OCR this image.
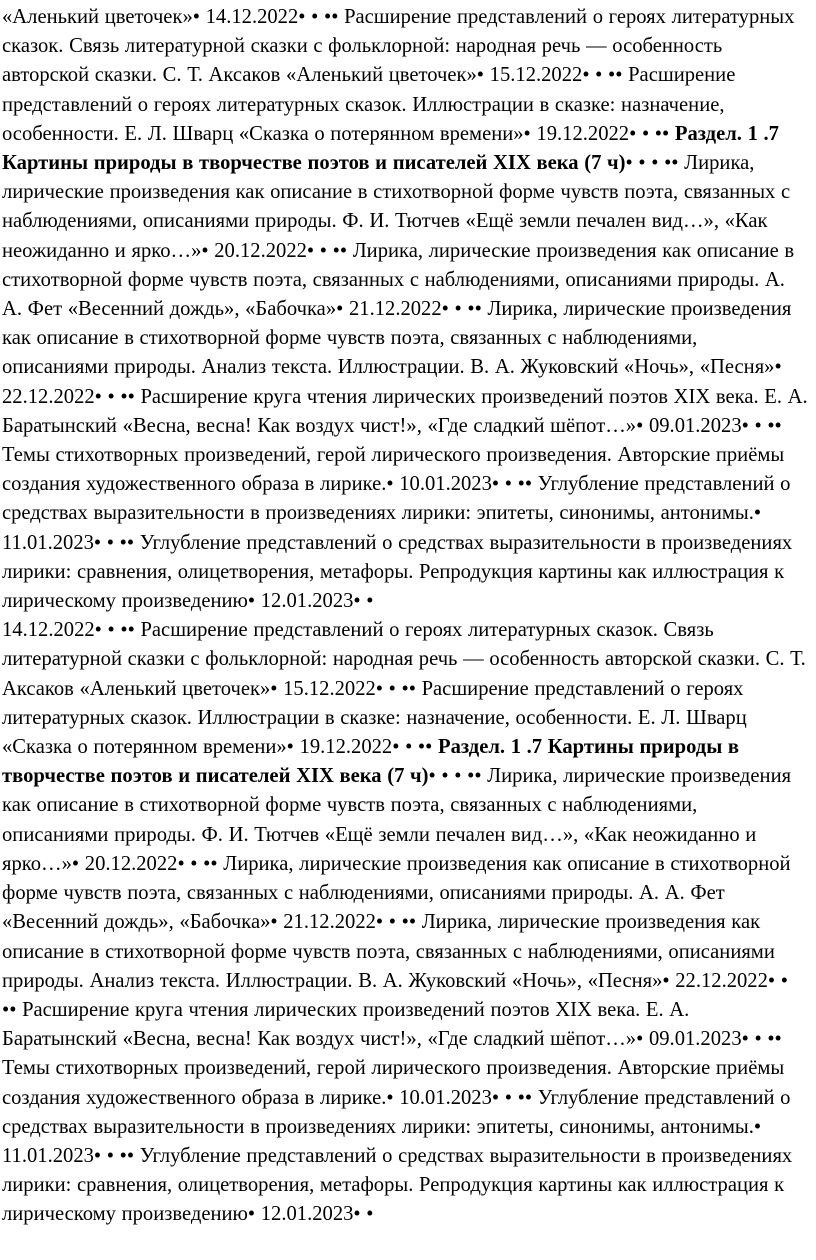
«Аленький цветочек»• 14.12.2022• • •• Расширение представлений о героях литературных сказок. Связь литературной сказки с фольклорной: народная речь — особенность авторской сказки. С. Т. Аксаков «Аленький цветочек»• 15.12.2022• • •• Расширение представлений о героях литературных сказок. Иллюстрации в сказке: назначение, особенности. Е. Л. Шварц «Сказка о потерянном времени»• 19.12.2022• • •• Раздел. 1 .7 Картины природы в творчестве поэтов и писателей XIX века (7 ч)• • • •• Лирика, лирические произведения как описание в стихотворной форме чувств поэта, связанных с наблюдениями, описаниями природы. Ф. И. Тютчев «Ещё земли печален вид…», «Как неожиданно и ярко…»• 20.12.2022• • •• Лирика, лирические произведения как описание в стихотворной форме чувств поэта, связанных с наблюдениями, описаниями природы. А. А. Фет «Весенний дождь», «Бабочка»• 21.12.2022• • •• Лирика, лирические произведения как описание в стихотворной форме чувств поэта, связанных с наблюдениями, описаниями природы. Анализ текста. Иллюстрации. В. А. Жуковский «Ночь», «Песня»• 22.12.2022• • •• Расширение круга чтения лирических произведений поэтов XIX века. Е. А. Баратынский «Весна, весна! Как воздух чист!», «Где сладкий шёпот…»• 09.01.2023• • •• Темы стихотворных произведений, герой лирического произведения. Авторские приёмы создания художественного образа в лирике.• 10.01.2023• • •• Углубление представлений о средствах выразительности в произведениях лирики: эпитеты, синонимы, антонимы.• 11.01.2023• • •• Углубление представлений о средствах выразительности в произведениях лирики: сравнения, олицетворения, метафоры. Репродукция картины как иллюстрация к лирическому произведению• 12.01.2023• •
14.12.2022• • •• Расширение представлений о героях литературных сказок. Связь литературной сказки с фольклорной: народная речь — особенность авторской сказки. С. Т. Аксаков «Аленький цветочек»• 15.12.2022• • •• Расширение представлений о героях литературных сказок. Иллюстрации в сказке: назначение, особенности. Е. Л. Шварц «Сказка о потерянном времени»• 19.12.2022• • •• Раздел. 1 .7 Картины природы в творчестве поэтов и писателей XIX века (7 ч)• • • •• Лирика, лирические произведения как описание в стихотворной форме чувств поэта, связанных с наблюдениями, описаниями природы. Ф. И. Тютчев «Ещё земли печален вид…», «Как неожиданно и ярко…»• 20.12.2022• • •• Лирика, лирические произведения как описание в стихотворной форме чувств поэта, связанных с наблюдениями, описаниями природы. А. А. Фет «Весенний дождь», «Бабочка»• 21.12.2022• • •• Лирика, лирические произведения как описание в стихотворной форме чувств поэта, связанных с наблюдениями, описаниями природы. Анализ текста. Иллюстрации. В. А. Жуковский «Ночь», «Песня»• 22.12.2022• • •• Расширение круга чтения лирических произведений поэтов XIX века. Е. А. Баратынский «Весна, весна! Как воздух чист!», «Где сладкий шёпот…»• 09.01.2023• • •• Темы стихотворных произведений, герой лирического произведения. Авторские приёмы создания художественного образа в лирике.• 10.01.2023• • •• Углубление представлений о средствах выразительности в произведениях лирики: эпитеты, синонимы, антонимы.• 11.01.2023• • •• Углубление представлений о средствах выразительности в произведениях лирики: сравнения, олицетворения, метафоры. Репродукция картины как иллюстрация к лирическому произведению• 12.01.2023• •
